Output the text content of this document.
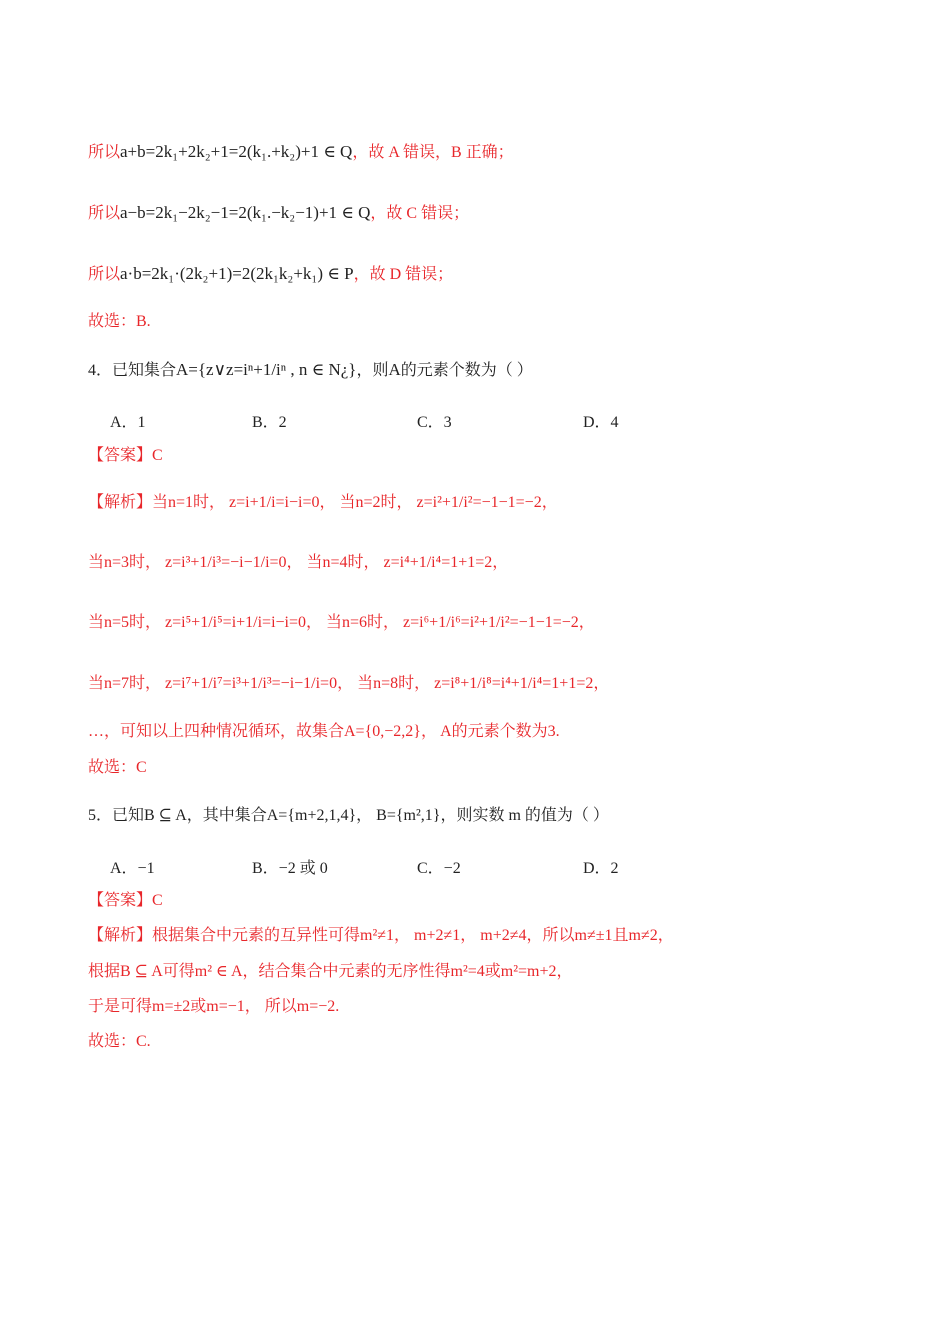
所以a+b=2k₁+2k₂+1=2(k₁.+k₂)+1 ∈ Q，故 A 错误，B 正确；
所以a−b=2k₁−2k₂−1=2(k₁.−k₂−1)+1 ∈ Q，故 C 错误；
所以a·b=2k₁·(2k₂+1)=2(2k₁k₂+k₁) ∈ P，故 D 错误；
故选：B.
4．已知集合A={z∨z=iⁿ+1/iⁿ , n ∈ N¿}，则A的元素个数为（ ）
A．1	B．2	C．3	D．4
【答案】C
【解析】当n=1时， z=i+1/i=i−i=0， 当n=2时， z=i²+1/i²=−1−1=−2，
当n=3时， z=i³+1/i³=−i−1/i=0， 当n=4时， z=i⁴+1/i⁴=1+1=2，
当n=5时， z=i⁵+1/i⁵=i+1/i=i−i=0， 当n=6时， z=i⁶+1/i⁶=i²+1/i²=−1−1=−2，
当n=7时， z=i⁷+1/i⁷=i³+1/i³=−i−1/i=0， 当n=8时， z=i⁸+1/i⁸=i⁴+1/i⁴=1+1=2，
…，可知以上四种情况循环，故集合A={0,−2,2}， A的元素个数为3.
故选：C
5．已知B ⊆ A，其中集合A={m+2,1,4}， B={m²,1}，则实数 m 的值为（ ）
A．−1	B．−2 或 0	C．−2	D．2
【答案】C
【解析】根据集合中元素的互异性可得m²≠1， m+2≠1， m+2≠4，所以m≠±1且m≠2，
根据B ⊆ A可得m² ∈ A，结合集合中元素的无序性得m²=4或m²=m+2，
于是可得m=±2或m=−1， 所以m=−2.
故选：C.
